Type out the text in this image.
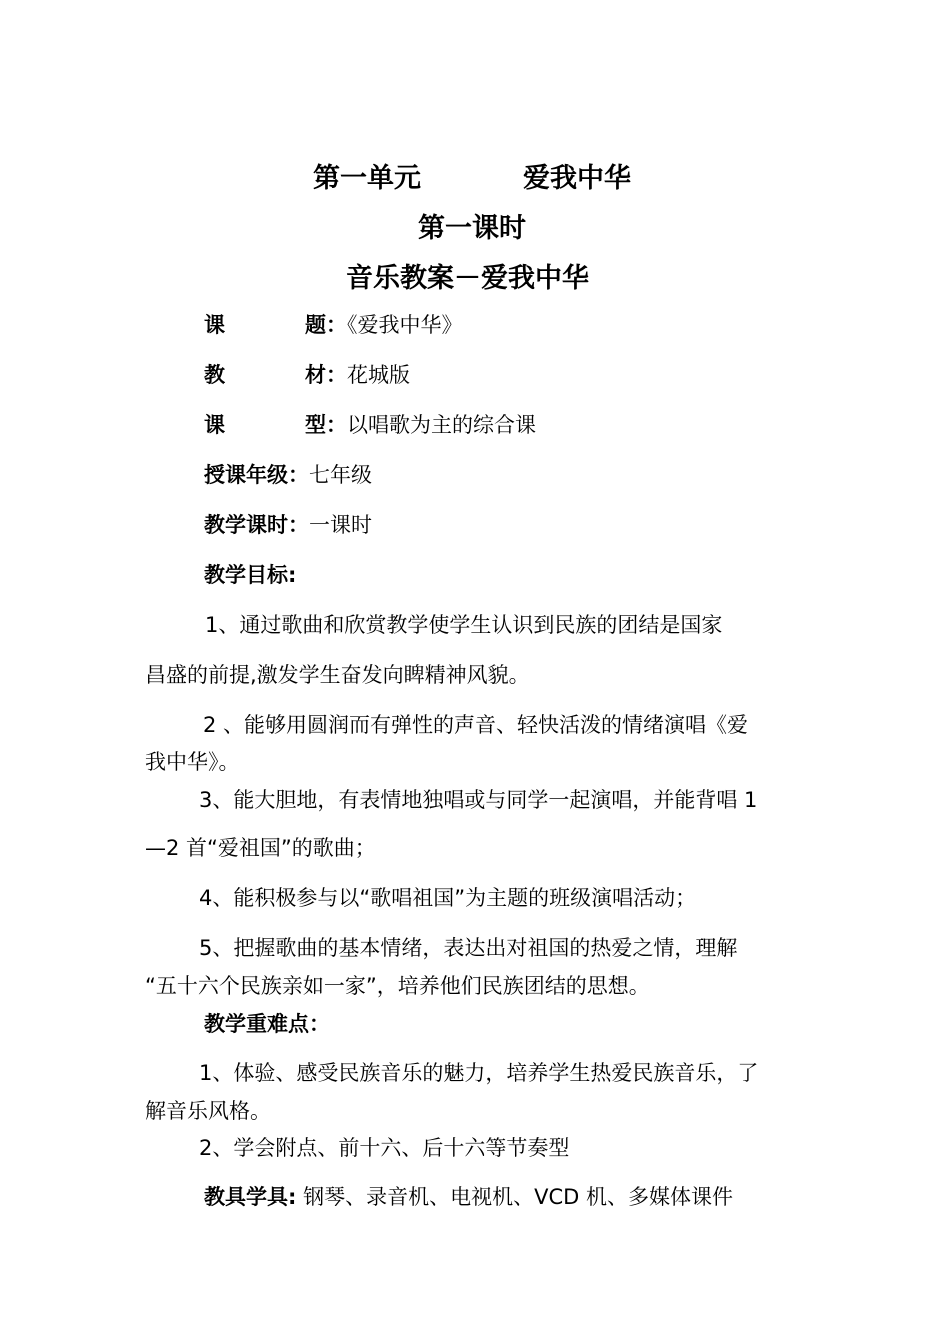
第一单元	爱我中华
第一课时
音乐教案－爱我中华
课	题：《爱我中华》
教	材：花城版
课	型：以唱歌为主的综合课
授课年级：七年级
教学课时：一课时
教学目标:
1、通过歌曲和欣赏教学使学生认识到民族的团结是国家
昌盛的前提,激发学生奋发向睥精神风貌。
2 、能够用圆润而有弹性的声音、轻快活泼的情绪演唱《爱
我中华》。
3、能大胆地，有表情地独唱或与同学一起演唱，并能背唱 1
—2 首“爱祖国”的歌曲；
4、能积极参与以“歌唱祖国”为主题的班级演唱活动；
5、把握歌曲的基本情绪，表达出对祖国的热爱之情，理解
“五十六个民族亲如一家”，培养他们民族团结的思想。
教学重难点：
1、体验、感受民族音乐的魅力，培养学生热爱民族音乐，了
解音乐风格。
2、学会附点、前十六、后十六等节奏型
教具学具: 钢琴、录音机、电视机、VCD 机、多媒体课件
